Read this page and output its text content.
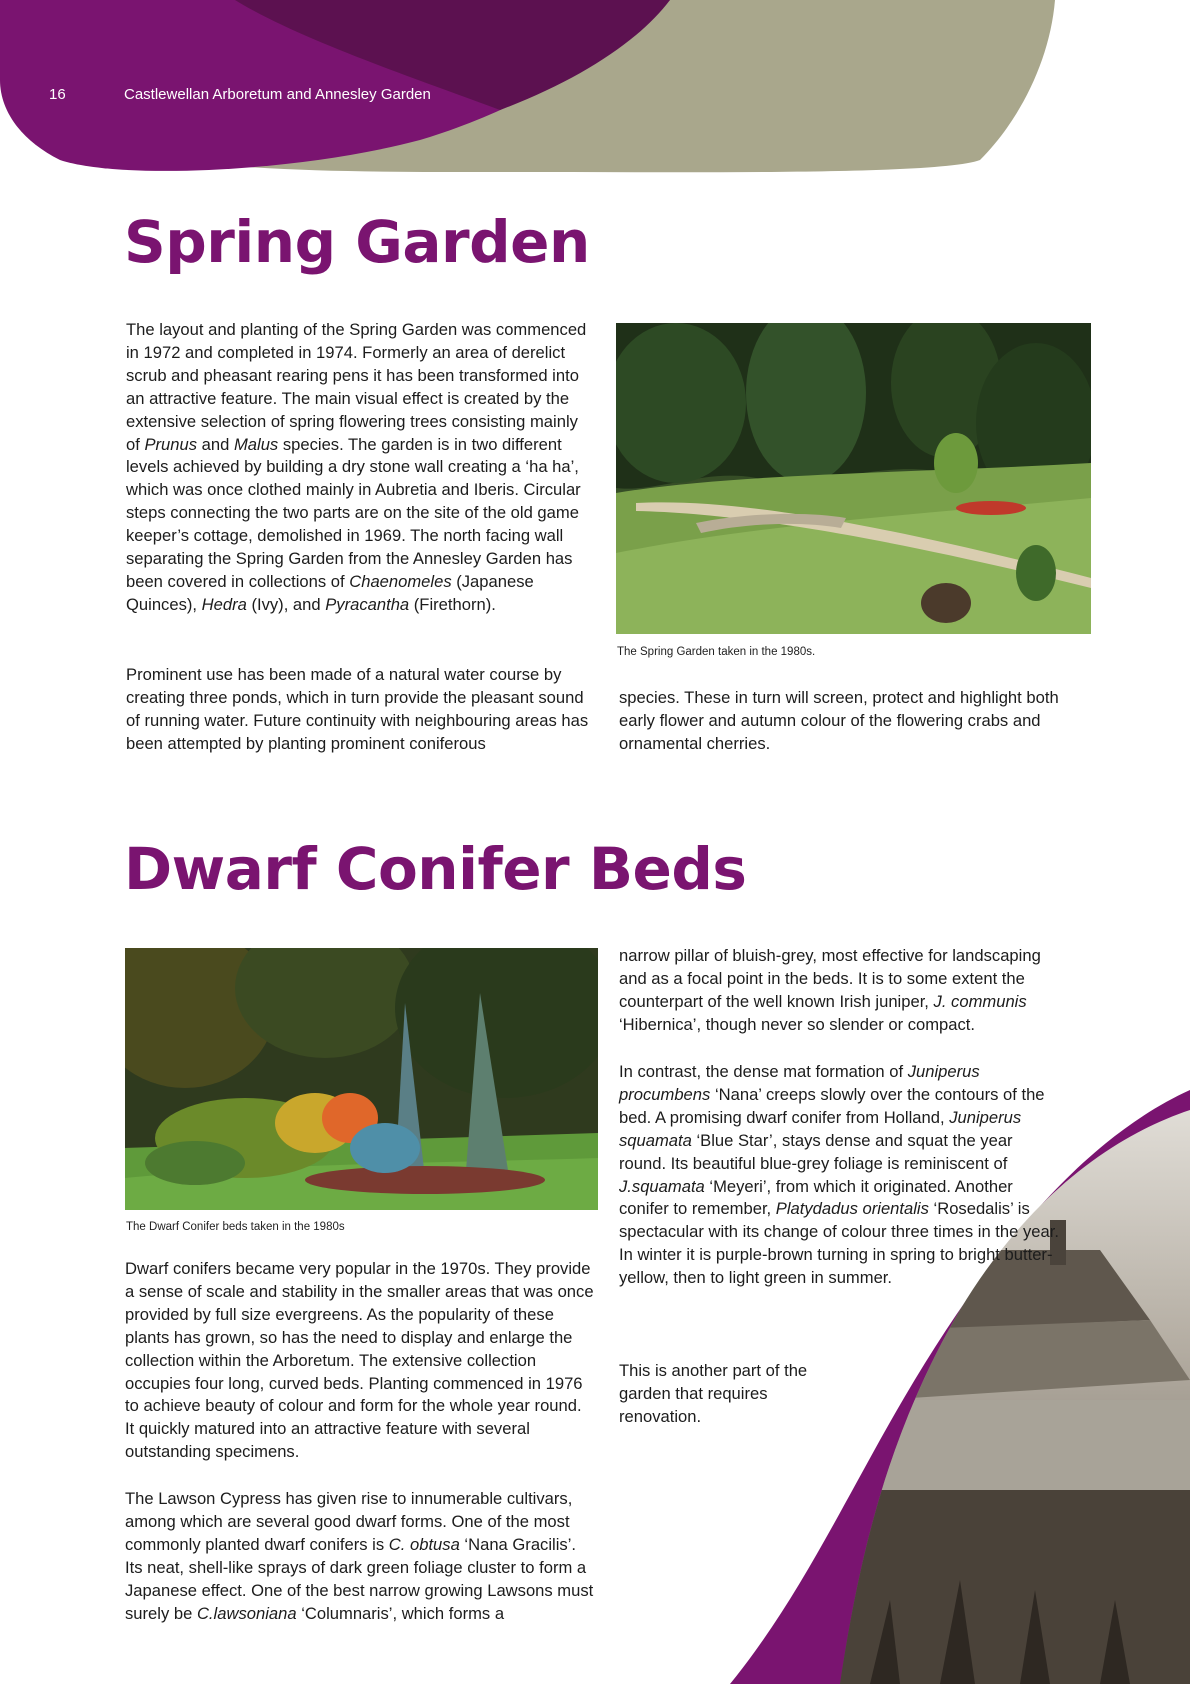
16	Castlewellan Arboretum and Annesley Garden
Spring Garden

The layout and planting of the Spring Garden was commenced in 1972 and completed in 1974. Formerly an area of derelict scrub and pheasant rearing pens it has been transformed into an attractive feature. The main visual effect is created by the extensive selection of spring flowering trees consisting mainly of Prunus and Malus species. The garden is in two different levels achieved by building a dry stone wall creating a ‘ha ha’, which was once clothed mainly in Aubretia and Iberis. Circular steps connecting the two parts are on the site of the old game keeper’s cottage, demolished in 1969. The north facing wall separating the Spring Garden from the Annesley Garden has been covered in collections of Chaenomeles (Japanese Quinces), Hedra (Ivy), and Pyracantha (Firethorn).

Prominent use has been made of a natural water course by creating three ponds, which in turn provide the pleasant sound of running water. Future continuity with neighbouring areas has been attempted by planting prominent coniferous

The Spring Garden taken in the 1980s.

species. These in turn will screen, protect and highlight both early flower and autumn colour of the flowering crabs and ornamental cherries.

Dwarf Conifer Beds

The Dwarf Conifer beds taken in the 1980s

Dwarf conifers became very popular in the 1970s. They provide a sense of scale and stability in the smaller areas that was once provided by full size evergreens. As the popularity of these plants has grown, so has the need to display and enlarge the collection within the Arboretum. The extensive collection occupies four long, curved beds. Planting commenced in 1976 to achieve beauty of colour and form for the whole year round. It quickly matured into an attractive feature with several outstanding specimens.

The Lawson Cypress has given rise to innumerable cultivars, among which are several good dwarf forms. One of the most commonly planted dwarf conifers is C. obtusa ‘Nana Gracilis’. Its neat, shell-like sprays of dark green foliage cluster to form a Japanese effect. One of the best narrow growing Lawsons must surely be C.lawsoniana ‘Columnaris’, which forms a

narrow pillar of bluish-grey, most effective for landscaping and as a focal point in the beds. It is to some extent the counterpart of the well known Irish juniper, J. communis ‘Hibernica’, though never so slender or compact.

In contrast, the dense mat formation of Juniperus procumbens ‘Nana’ creeps slowly over the contours of the bed. A promising dwarf conifer from Holland, Juniperus squamata ‘Blue Star’, stays dense and squat the year round. Its beautiful blue-grey foliage is reminiscent of J.squamata ‘Meyeri’, from which it originated. Another conifer to remember, Platydadus orientalis ‘Rosedalis’ is spectacular with its change of colour three times in the year. In winter it is purple-brown turning in spring to bright butter-yellow, then to light green in summer.

This is another part of the garden that requires renovation.
